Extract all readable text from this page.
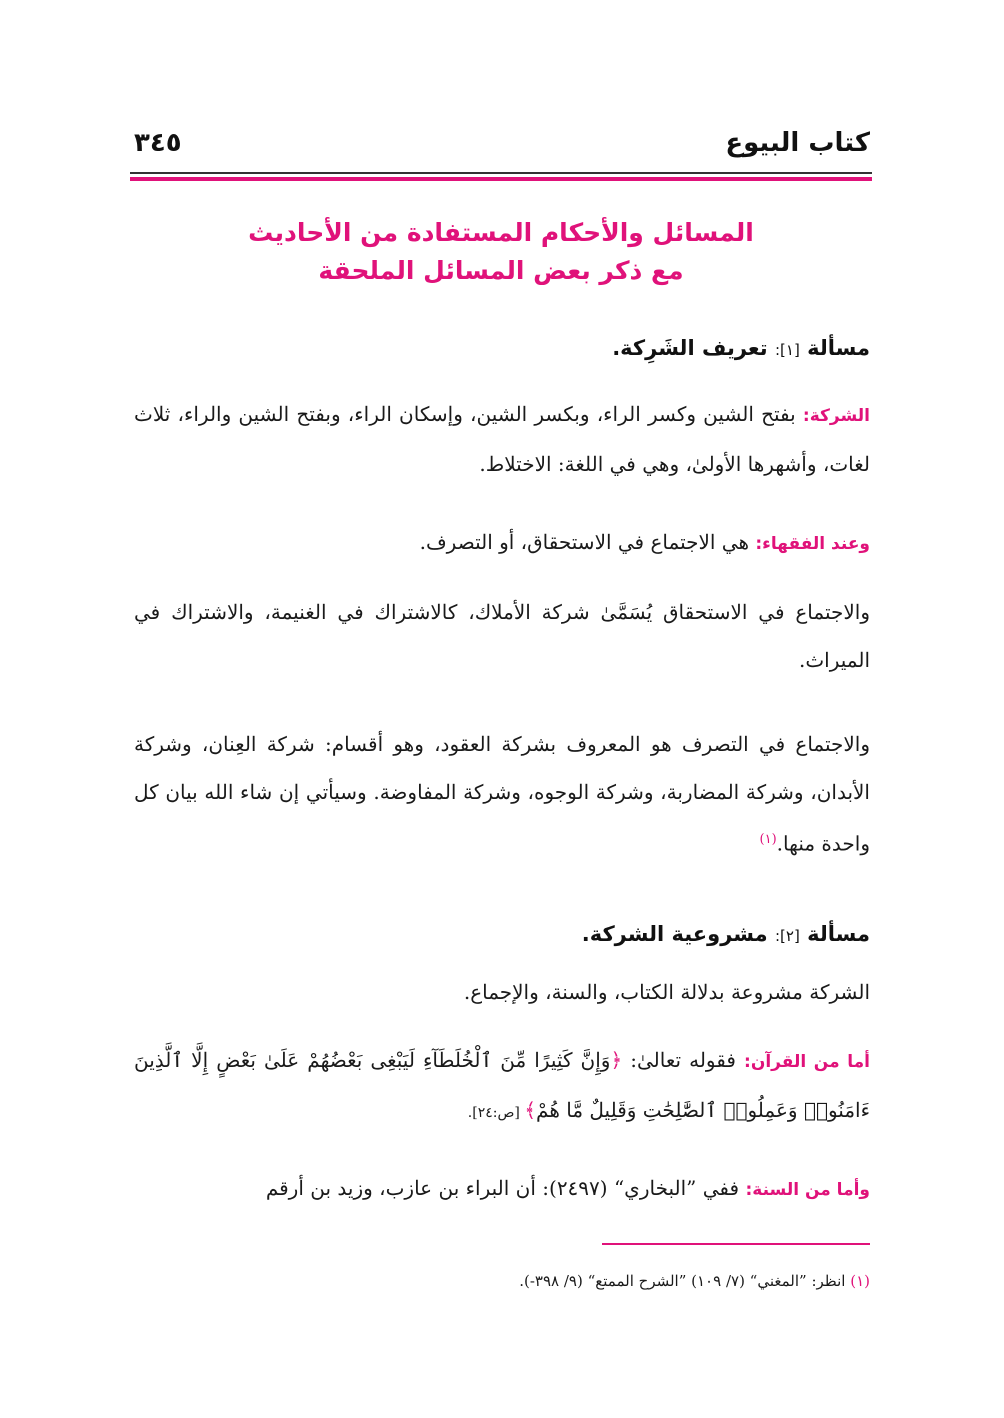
كتاب البيوع
٣٤٥
المسائل والأحكام المستفادة من الأحاديث
مع ذكر بعض المسائل الملحقة
مسألة [١]: تعريف الشَرِكة.
الشركة: بفتح الشين وكسر الراء، وبكسر الشين، وإسكان الراء، وبفتح الشين والراء، ثلاث لغات، وأشهرها الأولىٰ، وهي في اللغة: الاختلاط.
وعند الفقهاء: هي الاجتماع في الاستحقاق، أو التصرف.
والاجتماع في الاستحقاق يُسَمَّىٰ شركة الأملاك، كالاشتراك في الغنيمة، والاشتراك في الميراث.
والاجتماع في التصرف هو المعروف بشركة العقود، وهو أقسام: شركة العِنان، وشركة الأبدان، وشركة المضاربة، وشركة الوجوه، وشركة المفاوضة. وسيأتي إن شاء الله بيان كل واحدة منها.$^{(١)}$
مسألة [٢]: مشروعية الشركة.
الشركة مشروعة بدلالة الكتاب، والسنة، والإجماع.
أما من القرآن: فقوله تعالىٰ: ﴿وَإِنَّ كَثِيرًا مِّنَ ٱلْخُلَطَآءِ لَيَبْغِى بَعْضُهُمْ عَلَىٰ بَعْضٍ إِلَّا ٱلَّذِينَ ءَامَنُوا۟ وَعَمِلُوا۟ ٱلصَّٰلِحَٰتِ وَقَلِيلٌ مَّا هُمْ﴾ [ص:٢٤].
وأما من السنة: ففي ”البخاري“ (٢٤٩٧): أن البراء بن عازب، وزيد بن أرقم
(١) انظر: ”المغني“ (٧/ ١٠٩) ”الشرح الممتع“ (٩/ ٣٩٨-).
